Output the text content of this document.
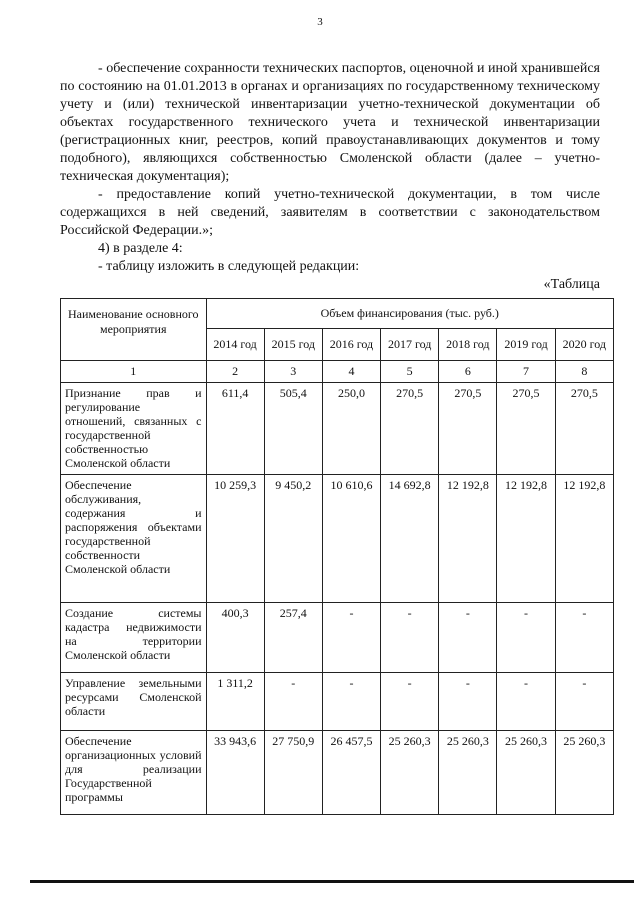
3

- обеспечение сохранности технических паспортов, оценочной и иной хранившейся по состоянию на 01.01.2013 в органах и организациях по государственному техническому учету и (или) технической инвентаризации учетно-технической документации об объектах государственного технического учета и технической инвентаризации (регистрационных книг, реестров, копий правоустанавливающих документов и тому подобного), являющихся собственностью Смоленской области (далее – учетно-техническая документация);

- предоставление копий учетно-технической документации, в том числе содержащихся в ней сведений, заявителям в соответствии с законодательством Российской Федерации.»;

4) в разделе 4:

- таблицу изложить в следующей редакции:

«Таблица

Наименование основного мероприятия	Объем финансирования (тыс. руб.)						
	2014 год	2015 год	2016 год	2017 год	2018 год	2019 год	2020 год
1	2	3	4	5	6	7	8
Признание прав и регулирование отношений, связанных с государственной собственностью Смоленской области	611,4	505,4	250,0	270,5	270,5	270,5	270,5
Обеспечение обслуживания, содержания и распоряжения объектами государственной собственности Смоленской области	10 259,3	9 450,2	10 610,6	14 692,8	12 192,8	12 192,8	12 192,8
Создание системы кадастра недвижимости на территории Смоленской области	400,3	257,4	-	-	-	-	-
Управление земельными ресурсами Смоленской области	1 311,2	-	-	-	-	-	-
Обеспечение организационных условий для реализации Государственной программы	33 943,6	27 750,9	26 457,5	25 260,3	25 260,3	25 260,3	25 260,3
